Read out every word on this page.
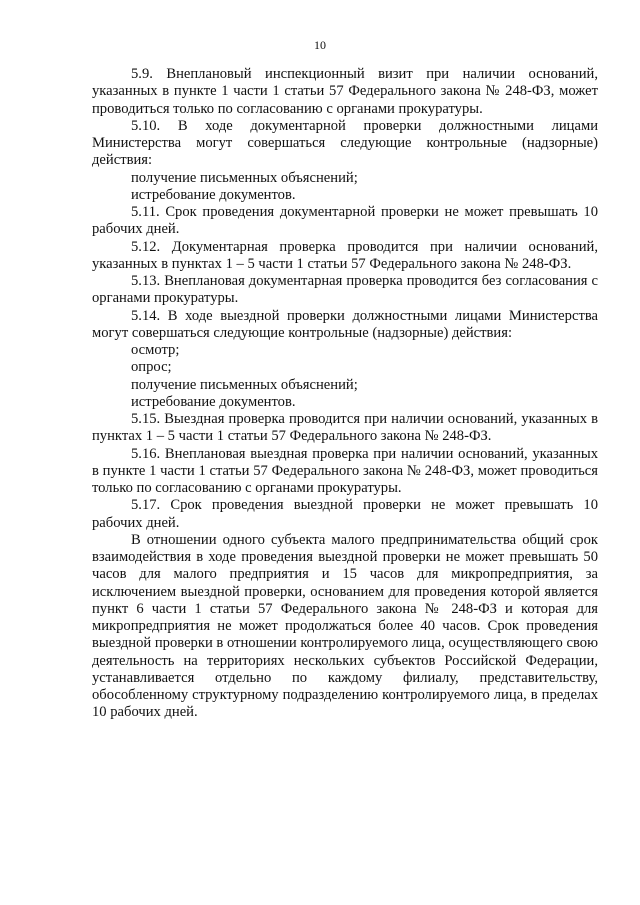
10

5.9. Внеплановый инспекционный визит при наличии оснований, указанных в пункте 1 части 1 статьи 57 Федерального закона № 248-ФЗ, может проводиться только по согласованию с органами прокуратуры.

5.10. В ходе документарной проверки должностными лицами Министерства могут совершаться следующие контрольные (надзорные) действия:

получение письменных объяснений;

истребование документов.

5.11. Срок проведения документарной проверки не может превышать 10 рабочих дней.

5.12. Документарная проверка проводится при наличии оснований, указанных в пунктах 1 – 5 части 1 статьи 57 Федерального закона № 248-ФЗ.

5.13. Внеплановая документарная проверка проводится без согласования с органами прокуратуры.

5.14. В ходе выездной проверки должностными лицами Министерства могут совершаться следующие контрольные (надзорные) действия:

осмотр;

опрос;

получение письменных объяснений;

истребование документов.

5.15. Выездная проверка проводится при наличии оснований, указанных в пунктах 1 – 5 части 1 статьи 57 Федерального закона № 248-ФЗ.

5.16. Внеплановая выездная проверка при наличии оснований, указанных в пункте 1 части 1 статьи 57 Федерального закона № 248-ФЗ, может проводиться только по согласованию с органами прокуратуры.

5.17. Срок проведения выездной проверки не может превышать 10 рабочих дней.

В отношении одного субъекта малого предпринимательства общий срок взаимодействия в ходе проведения выездной проверки не может превышать 50 часов для малого предприятия и 15 часов для микропредприятия, за исключением выездной проверки, основанием для проведения которой является пункт 6 части 1 статьи 57 Федерального закона № 248-ФЗ и которая для микропредприятия не может продолжаться более 40 часов. Срок проведения выездной проверки в отношении контролируемого лица, осуществляющего свою деятельность на территориях нескольких субъектов Российской Федерации, устанавливается отдельно по каждому филиалу, представительству, обособленному структурному подразделению контролируемого лица, в пределах 10 рабочих дней.
